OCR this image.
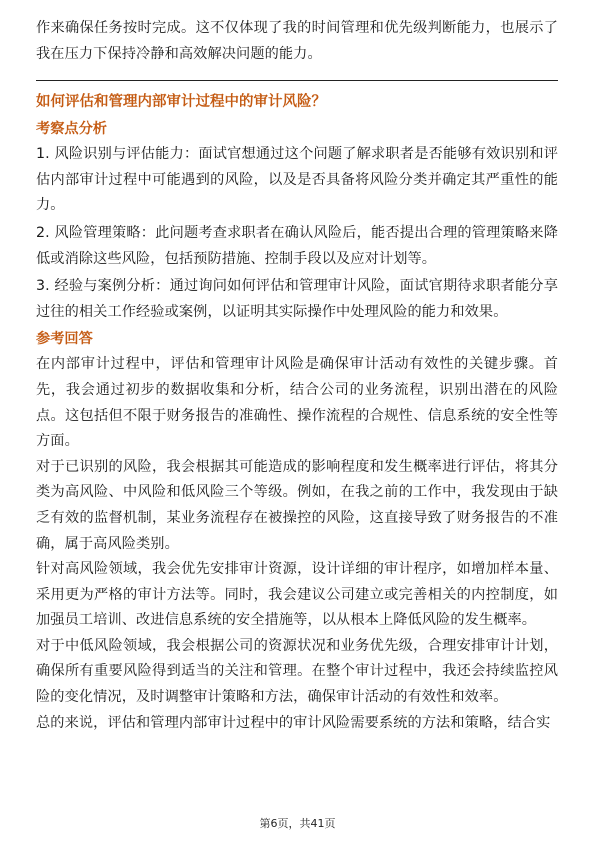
作来确保任务按时完成。这不仅体现了我的时间管理和优先级判断能力，也展示了我在压力下保持冷静和高效解决问题的能力。

如何评估和管理内部审计过程中的审计风险？
考察点分析

1. 风险识别与评估能力：面试官想通过这个问题了解求职者是否能够有效识别和评估内部审计过程中可能遇到的风险，以及是否具备将风险分类并确定其严重性的能力。

2. 风险管理策略：此问题考查求职者在确认风险后，能否提出合理的管理策略来降低或消除这些风险，包括预防措施、控制手段以及应对计划等。

3. 经验与案例分析：通过询问如何评估和管理审计风险，面试官期待求职者能分享过往的相关工作经验或案例，以证明其实际操作中处理风险的能力和效果。

参考回答

在内部审计过程中，评估和管理审计风险是确保审计活动有效性的关键步骤。首先，我会通过初步的数据收集和分析，结合公司的业务流程，识别出潜在的风险点。这包括但不限于财务报告的准确性、操作流程的合规性、信息系统的安全性等方面。

对于已识别的风险，我会根据其可能造成的影响程度和发生概率进行评估，将其分类为高风险、中风险和低风险三个等级。例如，在我之前的工作中，我发现由于缺乏有效的监督机制，某业务流程存在被操控的风险，这直接导致了财务报告的不准确，属于高风险类别。

针对高风险领域，我会优先安排审计资源，设计详细的审计程序，如增加样本量、采用更为严格的审计方法等。同时，我会建议公司建立或完善相关的内控制度，如加强员工培训、改进信息系统的安全措施等，以从根本上降低风险的发生概率。

对于中低风险领域，我会根据公司的资源状况和业务优先级，合理安排审计计划，确保所有重要风险得到适当的关注和管理。在整个审计过程中，我还会持续监控风险的变化情况，及时调整审计策略和方法，确保审计活动的有效性和效率。

总的来说，评估和管理内部审计过程中的审计风险需要系统的方法和策略，结合实

第6页，共41页
